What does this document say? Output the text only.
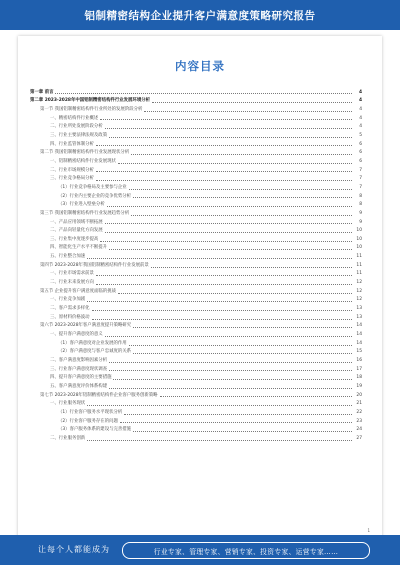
铝制精密结构企业提升客户满意度策略研究报告
内容目录
第一章 前言	4
第二章 2023-2028年中国铝制精密结构件行业发展环境分析	4
第一节 我国铝制精密结构件行业所处的发展阶段分析	4
一、精密结构件行业概述	4
二、行业所处发展阶段分析	4
三、行业主要法律法规及政策	5
四、行业监管体制分析	6
第二节 我国铝制精密结构件行业发展现状分析	6
一、铝制精密结构件行业发展现状	6
二、行业市场规模分析	7
三、行业竞争格局分析	7
（1）行业竞争格局及主要参与企业	7
（2）行业内主要企业的竞争优势分析	8
（3）行业进入壁垒分析	8
第三节 我国铝制精密结构件行业发展趋势分析	9
一、产品应用领域不断拓展	9
二、产品向轻量化方向发展	10
三、行业集中度逐步提高	10
四、智能化生产水平不断提升	10
五、行业整合加速	11
第四节 2023-2028年我国铝制精密结构件行业发展前景	11
一、行业市场需求前景	11
二、行业未来发展方向	12
第五节 企业提升客户满意度面临的挑战	12
一、行业竞争加剧	12
二、客户需求多样化	13
三、原材料价格波动	13
第六节 2023-2028年客户满意度提升策略研究	14
一、提升客户满意度的意义	14
（1）客户满意度对企业发展的作用	14
（2）客户满意度与客户忠诚度的关系	15
二、客户满意度影响因素分析	16
三、行业客户满意度现状调查	17
四、提升客户满意度的主要措施	18
五、客户满意度评价体系构建	19
第七节 2023-2028年铝制精密结构件企业客户服务创新策略	20
一、行业服务现状	21
（1）行业客户服务水平现状分析	22
（2）行业客户服务存在的问题	23
（3）客户服务体系的建设与完善措施	24
二、行业服务创新	27
1
让每个人都能成为	行业专家、管理专家、营销专家、投资专家、运营专家……
